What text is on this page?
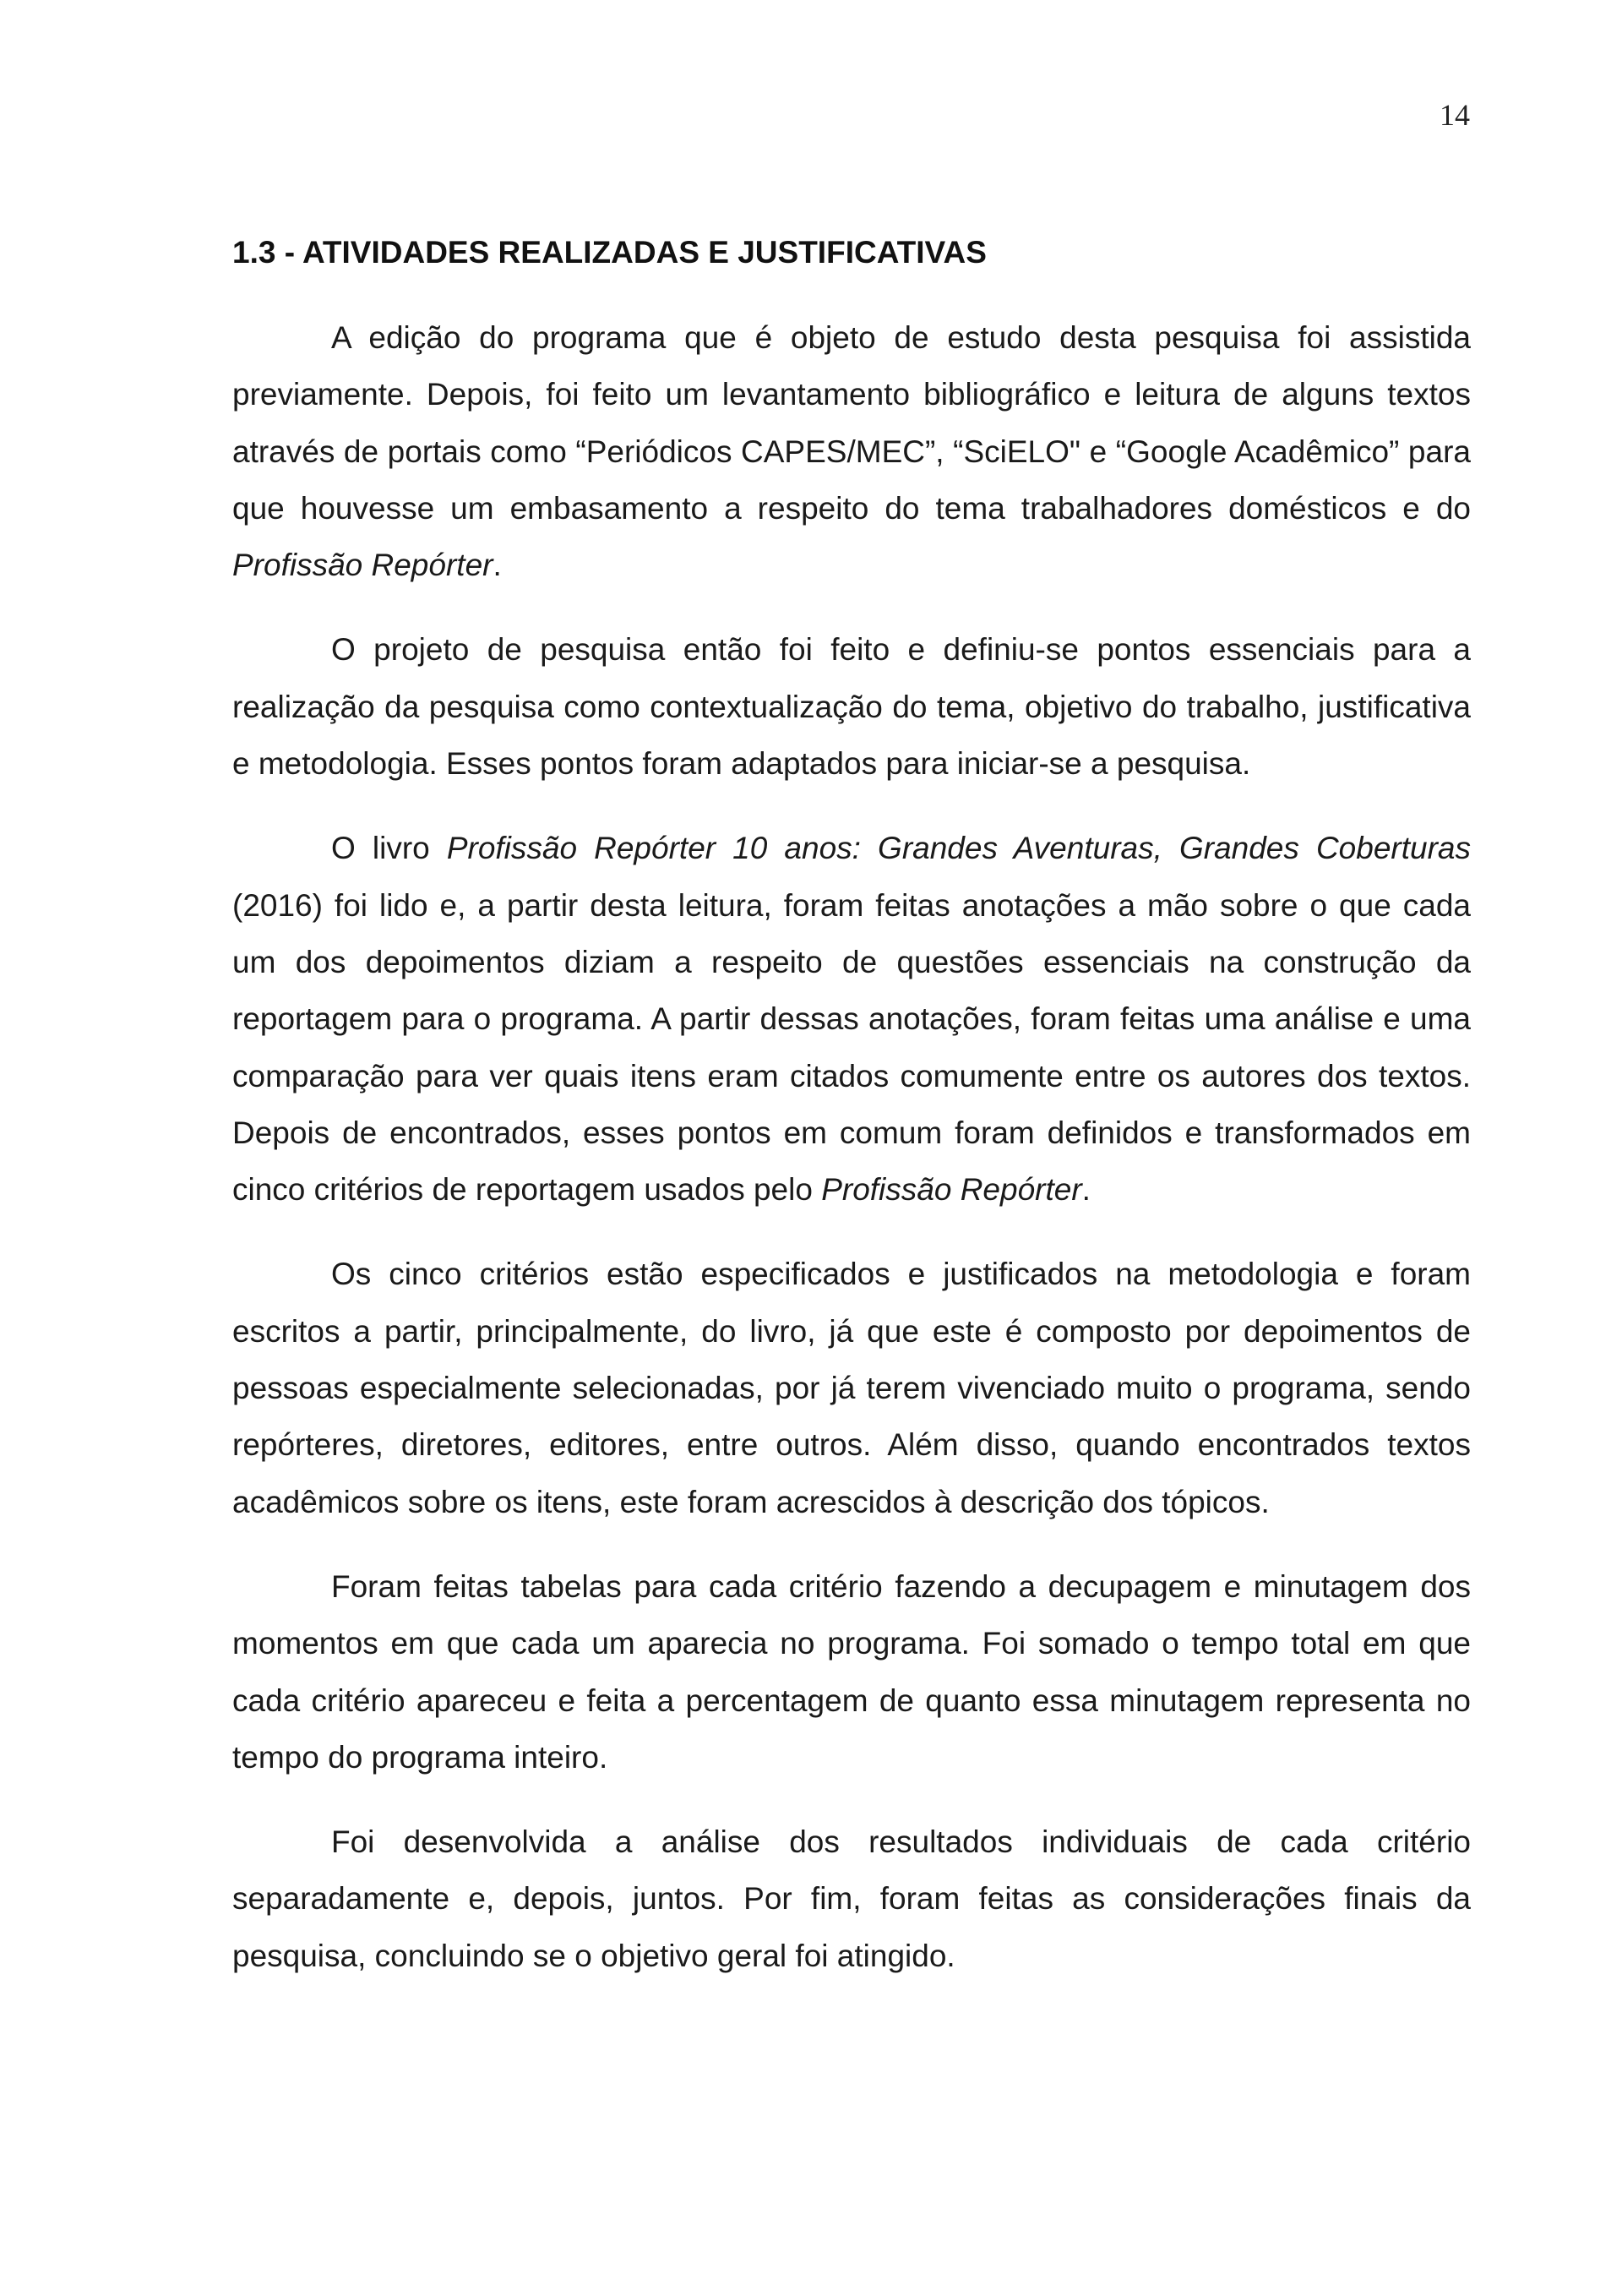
14
1.3 - ATIVIDADES REALIZADAS E JUSTIFICATIVAS

A edição do programa que é objeto de estudo desta pesquisa foi assistida previamente. Depois, foi feito um levantamento bibliográfico e leitura de alguns textos através de portais como “Periódicos CAPES/MEC”, “SciELO" e “Google Acadêmico” para que houvesse um embasamento a respeito do tema trabalhadores domésticos e do Profissão Repórter.

O projeto de pesquisa então foi feito e definiu-se pontos essenciais para a realização da pesquisa como contextualização do tema, objetivo do trabalho, justificativa e metodologia. Esses pontos foram adaptados para iniciar-se a pesquisa.

O livro Profissão Repórter 10 anos: Grandes Aventuras, Grandes Coberturas (2016) foi lido e, a partir desta leitura, foram feitas anotações a mão sobre o que cada um dos depoimentos diziam a respeito de questões essenciais na construção da reportagem para o programa. A partir dessas anotações, foram feitas uma análise e uma comparação para ver quais itens eram citados comumente entre os autores dos textos. Depois de encontrados, esses pontos em comum foram definidos e transformados em cinco critérios de reportagem usados pelo Profissão Repórter.

Os cinco critérios estão especificados e justificados na metodologia e foram escritos a partir, principalmente, do livro, já que este é composto por depoimentos de pessoas especialmente selecionadas, por já terem vivenciado muito o programa, sendo repórteres, diretores, editores, entre outros. Além disso, quando encontrados textos acadêmicos sobre os itens, este foram acrescidos à descrição dos tópicos.

Foram feitas tabelas para cada critério fazendo a decupagem e minutagem dos momentos em que cada um aparecia no programa. Foi somado o tempo total em que cada critério apareceu e feita a percentagem de quanto essa minutagem representa no tempo do programa inteiro.

Foi desenvolvida a análise dos resultados individuais de cada critério separadamente e, depois, juntos. Por fim, foram feitas as considerações finais da pesquisa, concluindo se o objetivo geral foi atingido.
